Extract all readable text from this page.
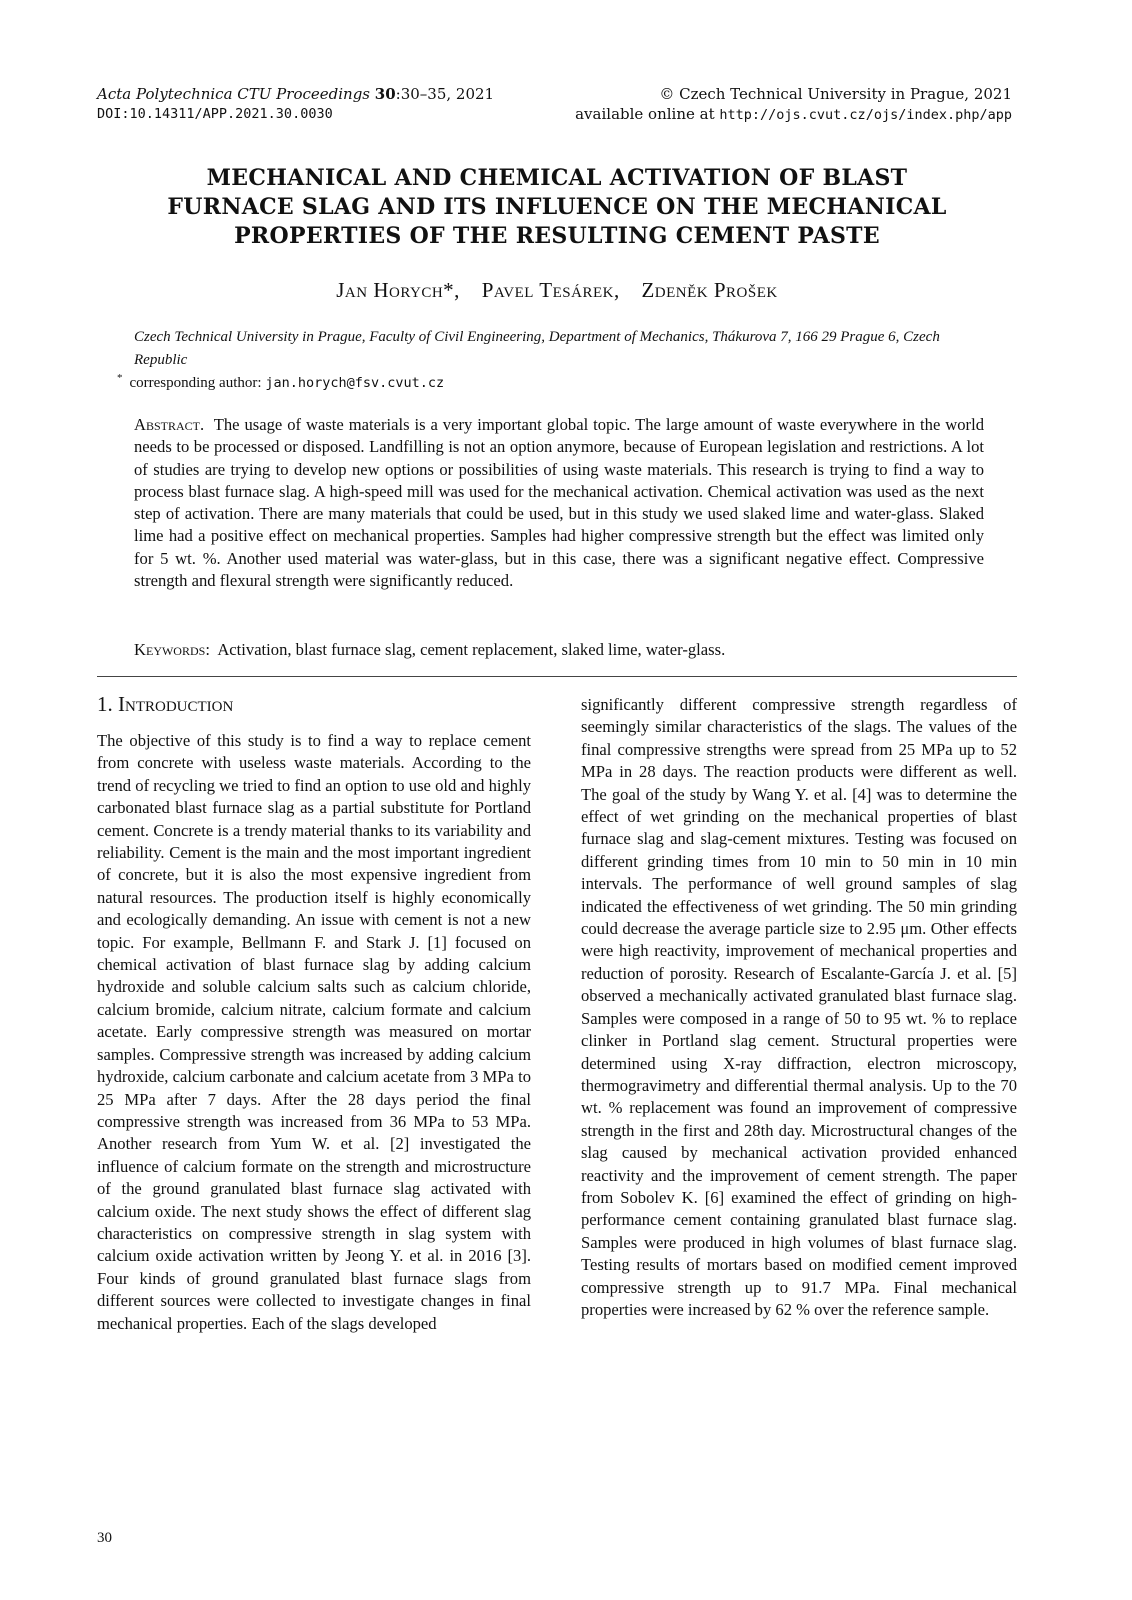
Acta Polytechnica CTU Proceedings 30:30–35, 2021
DOI:10.14311/APP.2021.30.0030
© Czech Technical University in Prague, 2021
available online at http://ojs.cvut.cz/ojs/index.php/app
MECHANICAL AND CHEMICAL ACTIVATION OF BLAST
FURNACE SLAG AND ITS INFLUENCE ON THE MECHANICAL
PROPERTIES OF THE RESULTING CEMENT PASTE
Jan Horych*, Pavel Tesárek, Zdeněk Prošek
Czech Technical University in Prague, Faculty of Civil Engineering, Department of Mechanics, Thákurova 7, 166 29 Prague 6, Czech Republic
* corresponding author: jan.horych@fsv.cvut.cz
Abstract. The usage of waste materials is a very important global topic. The large amount of waste everywhere in the world needs to be processed or disposed. Landfilling is not an option anymore, because of European legislation and restrictions. A lot of studies are trying to develop new options or possibilities of using waste materials. This research is trying to find a way to process blast furnace slag. A high-speed mill was used for the mechanical activation. Chemical activation was used as the next step of activation. There are many materials that could be used, but in this study we used slaked lime and water-glass. Slaked lime had a positive effect on mechanical properties. Samples had higher compressive strength but the effect was limited only for 5 wt. %. Another used material was water-glass, but in this case, there was a significant negative effect. Compressive strength and flexural strength were significantly reduced.
Keywords: Activation, blast furnace slag, cement replacement, slaked lime, water-glass.
1. Introduction
The objective of this study is to find a way to replace cement from concrete with useless waste materials. According to the trend of recycling we tried to find an option to use old and highly carbonated blast furnace slag as a partial substitute for Portland cement. Concrete is a trendy material thanks to its variability and reliability. Cement is the main and the most important ingredient of concrete, but it is also the most expensive ingredient from natural resources. The production itself is highly economically and ecologically demanding. An issue with cement is not a new topic. For example, Bellmann F. and Stark J. [1] focused on chemical activation of blast furnace slag by adding calcium hydroxide and soluble calcium salts such as calcium chloride, calcium bromide, calcium nitrate, calcium formate and calcium acetate. Early compressive strength was measured on mortar samples. Compressive strength was increased by adding calcium hydroxide, calcium carbonate and calcium acetate from 3 MPa to 25 MPa after 7 days. After the 28 days period the final compressive strength was increased from 36 MPa to 53 MPa. Another research from Yum W. et al. [2] investigated the influence of calcium formate on the strength and microstructure of the ground granulated blast furnace slag activated with calcium oxide. The next study shows the effect of different slag characteristics on compressive strength in slag system with calcium oxide activation written by Jeong Y. et al. in 2016 [3]. Four kinds of ground granulated blast furnace slags from different sources were collected to investigate changes in final mechanical properties. Each of the slags developed
significantly different compressive strength regardless of seemingly similar characteristics of the slags. The values of the final compressive strengths were spread from 25 MPa up to 52 MPa in 28 days. The reaction products were different as well. The goal of the study by Wang Y. et al. [4] was to determine the effect of wet grinding on the mechanical properties of blast furnace slag and slag-cement mixtures. Testing was focused on different grinding times from 10 min to 50 min in 10 min intervals. The performance of well ground samples of slag indicated the effectiveness of wet grinding. The 50 min grinding could decrease the average particle size to 2.95 μm. Other effects were high reactivity, improvement of mechanical properties and reduction of porosity. Research of Escalante-García J. et al. [5] observed a mechanically activated granulated blast furnace slag. Samples were composed in a range of 50 to 95 wt. % to replace clinker in Portland slag cement. Structural properties were determined using X-ray diffraction, electron microscopy, thermogravimetry and differential thermal analysis. Up to the 70 wt. % replacement was found an improvement of compressive strength in the first and 28th day. Microstructural changes of the slag caused by mechanical activation provided enhanced reactivity and the improvement of cement strength. The paper from Sobolev K. [6] examined the effect of grinding on high-performance cement containing granulated blast furnace slag. Samples were produced in high volumes of blast furnace slag. Testing results of mortars based on modified cement improved compressive strength up to 91.7 MPa. Final mechanical properties were increased by 62 % over the reference sample.
30
